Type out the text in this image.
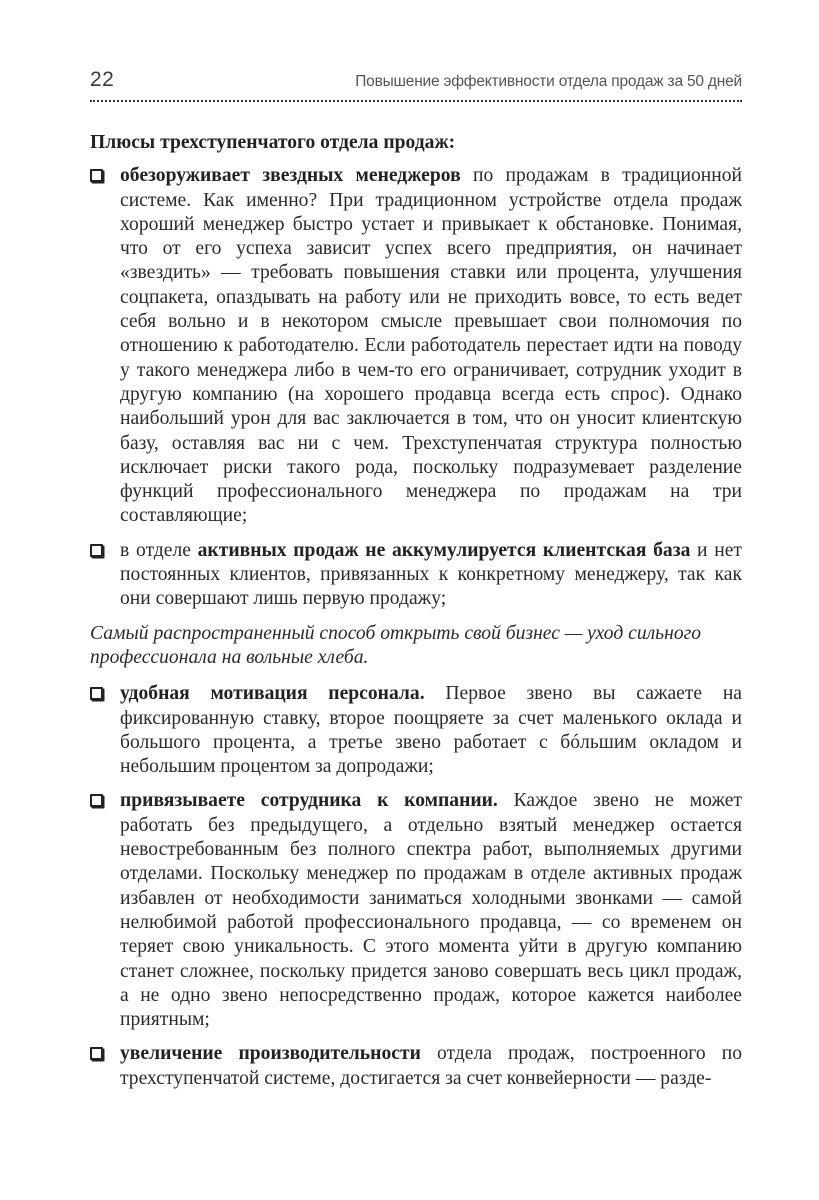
22	Повышение эффективности отдела продаж за 50 дней
Плюсы трехступенчатого отдела продаж:
обезоруживает звездных менеджеров по продажам в традиционной системе. Как именно? При традиционном устройстве отдела продаж хороший менеджер быстро устает и привыкает к обстановке. Понимая, что от его успеха зависит успех всего предприятия, он начинает «звездить» — требовать повышения ставки или процента, улучшения соцпакета, опаздывать на работу или не приходить вовсе, то есть ведет себя вольно и в некотором смысле превышает свои полномочия по отношению к работодателю. Если работодатель перестает идти на поводу у такого менеджера либо в чем-то его ограничивает, сотрудник уходит в другую компанию (на хорошего продавца всегда есть спрос). Однако наибольший урон для вас заключается в том, что он уносит клиентскую базу, оставляя вас ни с чем. Трехступенчатая структура полностью исключает риски такого рода, поскольку подразумевает разделение функций профессионального менеджера по продажам на три составляющие;
в отделе активных продаж не аккумулируется клиентская база и нет постоянных клиентов, привязанных к конкретному менеджеру, так как они совершают лишь первую продажу;
Самый распространенный способ открыть свой бизнес — уход сильного профессионала на вольные хлеба.
удобная мотивация персонала. Первое звено вы сажаете на фиксированную ставку, второе поощряете за счет маленького оклада и большого процента, а третье звено работает с бóльшим окладом и небольшим процентом за допродажи;
привязываете сотрудника к компании. Каждое звено не может работать без предыдущего, а отдельно взятый менеджер остается невостребованным без полного спектра работ, выполняемых другими отделами. Поскольку менеджер по продажам в отделе активных продаж избавлен от необходимости заниматься холодными звонками — самой нелюбимой работой профессионального продавца, — со временем он теряет свою уникальность. С этого момента уйти в другую компанию станет сложнее, поскольку придется заново совершать весь цикл продаж, а не одно звено непосредственно продаж, которое кажется наиболее приятным;
увеличение производительности отдела продаж, построенного по трехступенчатой системе, достигается за счет конвейерности — разде-
